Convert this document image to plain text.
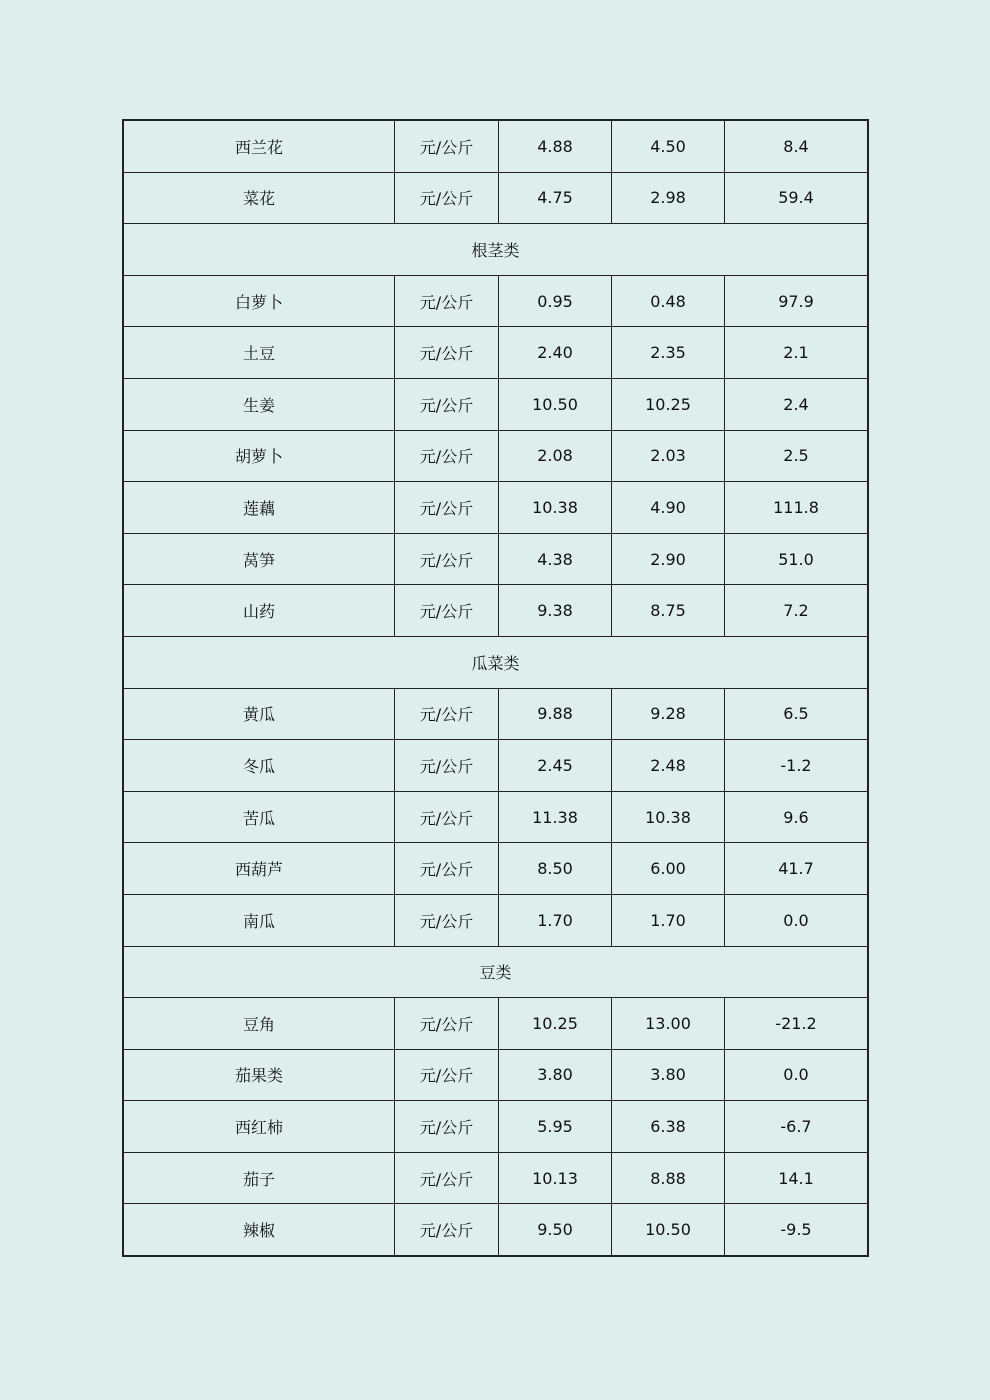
西兰花	元/公斤	4.88	4.50	8.4
菜花	元/公斤	4.75	2.98	59.4
根茎类				
白萝卜	元/公斤	0.95	0.48	97.9
土豆	元/公斤	2.40	2.35	2.1
生姜	元/公斤	10.50	10.25	2.4
胡萝卜	元/公斤	2.08	2.03	2.5
莲藕	元/公斤	10.38	4.90	111.8
莴笋	元/公斤	4.38	2.90	51.0
山药	元/公斤	9.38	8.75	7.2
瓜菜类				
黄瓜	元/公斤	9.88	9.28	6.5
冬瓜	元/公斤	2.45	2.48	-1.2
苦瓜	元/公斤	11.38	10.38	9.6
西葫芦	元/公斤	8.50	6.00	41.7
南瓜	元/公斤	1.70	1.70	0.0
豆类				
豆角	元/公斤	10.25	13.00	-21.2
茄果类	元/公斤	3.80	3.80	0.0
西红柿	元/公斤	5.95	6.38	-6.7
茄子	元/公斤	10.13	8.88	14.1
辣椒	元/公斤	9.50	10.50	-9.5
